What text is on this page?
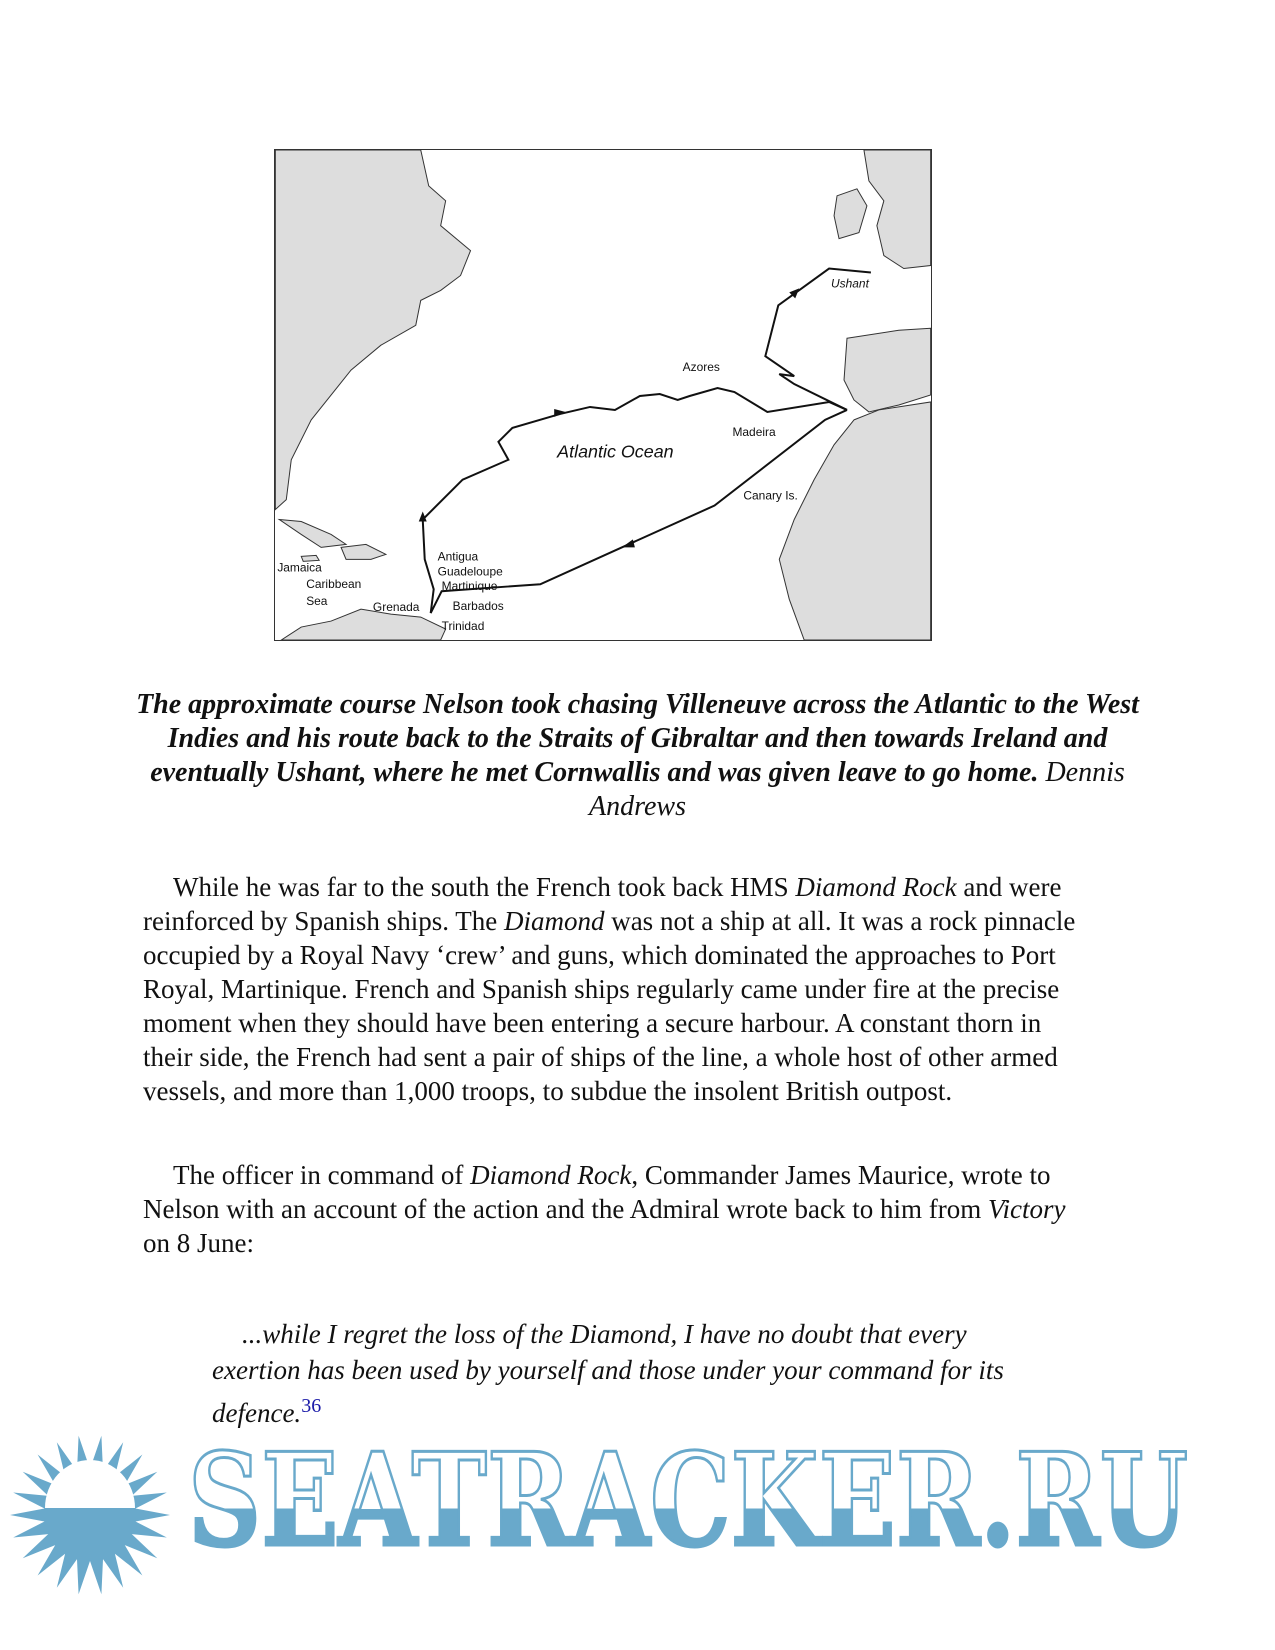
Ushant
Azores
Madeira
Atlantic Ocean
Canary Is.
Antigua
Guadeloupe
Martinique
Jamaica
Caribbean
Sea	Grenada	Barbados
Trinidad
The approximate course Nelson took chasing Villeneuve across the Atlantic to the West Indies and his route back to the Straits of Gibraltar and then towards Ireland and eventually Ushant, where he met Cornwallis and was given leave to go home. Dennis Andrews
While he was far to the south the French took back HMS Diamond Rock and were reinforced by Spanish ships. The Diamond was not a ship at all. It was a rock pinnacle occupied by a Royal Navy ‘crew’ and guns, which dominated the approaches to Port Royal, Martinique. French and Spanish ships regularly came under fire at the precise moment when they should have been entering a secure harbour. A constant thorn in their side, the French had sent a pair of ships of the line, a whole host of other armed vessels, and more than 1,000 troops, to subdue the insolent British outpost.
The officer in command of Diamond Rock, Commander James Maurice, wrote to Nelson with an account of the action and the Admiral wrote back to him from Victory on 8 June:
...while I regret the loss of the Diamond, I have no doubt that every exertion has been used by yourself and those under your command for its defence.$^{36}$
SEATRACKER.RU
